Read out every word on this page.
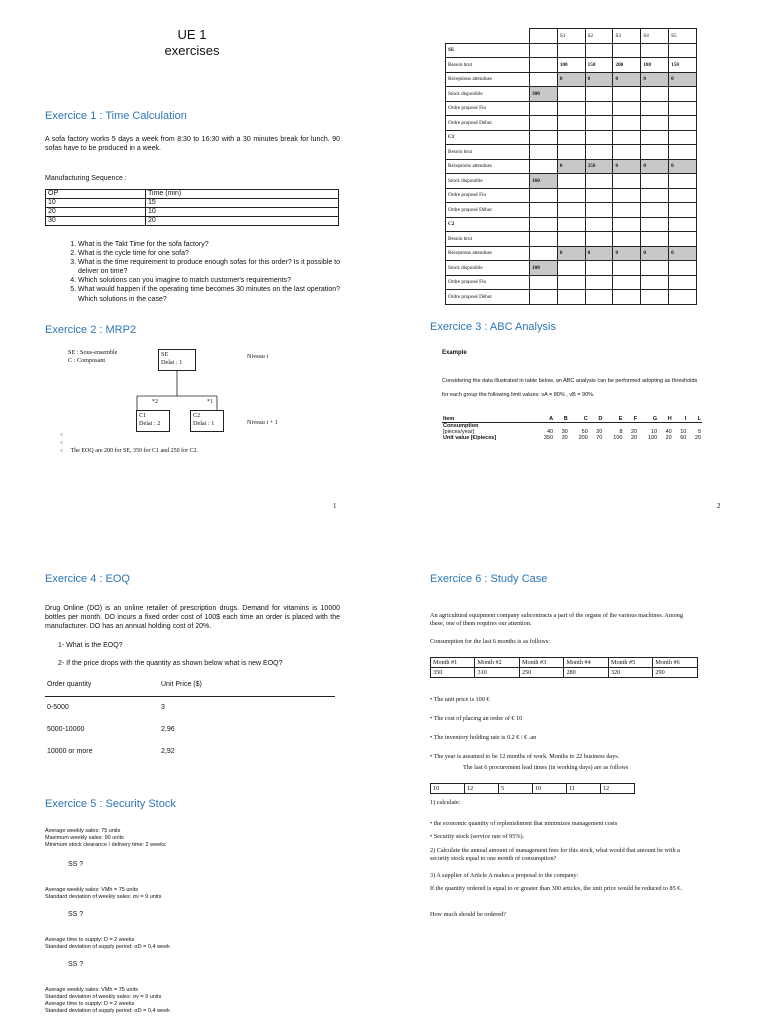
UE 1
exercises
Exercice 1 : Time Calculation
A sofa factory works 5 days a week from 8:30 to 16:30 with a 30 minutes break for lunch. 90 sofas have to be produced in a week.
Manufacturing Sequence :
OP	Time (min)
10	15
20	10
30	20
1. What is the Takt Time for the sofa factory?
2. What is the cycle time for one sofa?
3. What is the time requirement to produce enough sofas for this order? Is it possible to deliver on time?
4. Which solutions can you imagine to match customer's requirements?
5. What would happen if the operating time becomes 30 minutes on the last operation? Which solutions in the case?
Exercice 2 : MRP2
SE : Sous-ensemble
C : Composant
SE
Delai : 1
Niveau i
*2	*1
C1
Delai : 2
C2
Delai : 1	Niveau i + 1
○
○
○ The EOQ are 200 for SE, 350 for C1 and 250 for C2.
1
		S1	S2	S3	S4	S5
SE						
Besoin brut		100	150	200	180	150
Réceptions attendues		0	0	0	0	0
Stock disponible	300					
Ordre proposé Fin						
Ordre proposé Début						
C1						
Besoin brut						
Réceptions attendues		0	350	0	0	0
Stock disponible	160					
Ordre proposé Fin						
Ordre proposé Début						
C2						
Besoin brut						
Réceptions attendues		0	0	0	0	0
Stock disponible	100					
Ordre proposé Fin						
Ordre proposé Début						
Exercice 3 : ABC Analysis
Example
Considering the data illustrated in table below, an ABC analysis can be performed adopting as thresholds for each group the following limit values: vA = 80% , vB = 90%.
Item	A	B	C	D	E	F	G	H	I	L

Consumption
[pieces/year]	40	30	50	20	8	20	10	40	10	5
Unit value [€/pieces]	350	30	200	70	100	20	100	20	60	20
2
Exercice 4 : EOQ
Drug Online (DO) is an online retailer of prescription drugs. Demand for vitamins is 10000 bottles per month. DO incurs a fixed order cost of 100$ each time an order is placed with the manufacturer. DO has an annual holding cost of 20%.
1- What is the EOQ?
2- If the price drops with the quantity as shown below what is new EOQ?
Order quantity	Unit Price ($)
0-5000	3
5000-10000	2,96
10000 or more	2,92
Exercice 5 : Security Stock
Average weekly sales: 75 units
Maximum weekly sales: 90 units
Minimum stock clearance / delivery time: 2 weeks
SS ?
Average weekly sales: VMh = 75 units
Standard deviation of weekly sales: σv = 9 units
SS ?
Average time to supply: D = 2 weeks
Standard deviation of supply period: σD = 0,4 week
SS ?
Average weekly sales: VMh = 75 units
Standard deviation of weekly sales: σv = 9 units
Average time to supply: D = 2 weeks
Standard deviation of supply period: σD = 0,4 week
Exercice 6 : Study Case
An agricultural equipment company subcontracts a part of the organs of the various machines. Among these, one of them requires our attention.
Consumption for the last 6 months is as follows:
Month #1	Month #2	Month #3	Month #4	Month #5	Month #6
350	310	250	280	320	290
• The unit price is 100 €
• The cost of placing an order of € 10
• The inventory holding rate is 0.2 € / € .an
• The year is assumed to be 12 months of work. Months to 22 business days.
The last 6 procurement lead times (in working days) are as follows
10	12	5	10	11	12
1) calculate:
• the economic quantity of replenishment that minimizes management costs
• Security stock (service rate of 95%).
2) Calculate the annual amount of management fees for this stock, what would that amount be with a security stock equal to one month of consumption?
3) A supplier of Article A makes a proposal to the company:
If the quantity ordered is equal to or greater than 300 articles, the unit price would be reduced to 85 €.
How much should be ordered?
